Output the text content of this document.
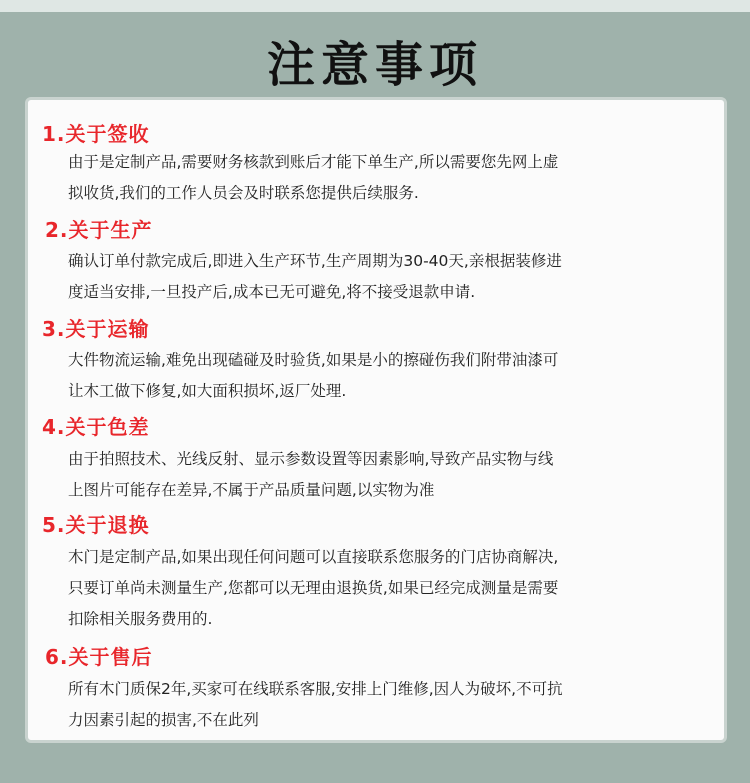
注意事项
1.关于签收
由于是定制产品,需要财务核款到账后才能下单生产,所以需要您先网上虚
拟收货,我们的工作人员会及时联系您提供后续服务.
2.关于生产
确认订单付款完成后,即进入生产环节,生产周期为30-40天,亲根据装修进
度适当安排,一旦投产后,成本已无可避免,将不接受退款申请.
3.关于运输
大件物流运输,难免出现磕碰及时验货,如果是小的擦碰伤我们附带油漆可
让木工做下修复,如大面积损坏,返厂处理.
4.关于色差
由于拍照技术、光线反射、显示参数设置等因素影响,导致产品实物与线
上图片可能存在差异,不属于产品质量问题,以实物为准
5.关于退换
木门是定制产品,如果出现任何问题可以直接联系您服务的门店协商解决,
只要订单尚未测量生产,您都可以无理由退换货,如果已经完成测量是需要
扣除相关服务费用的.
6.关于售后
所有木门质保2年,买家可在线联系客服,安排上门维修,因人为破坏,不可抗
力因素引起的损害,不在此列
